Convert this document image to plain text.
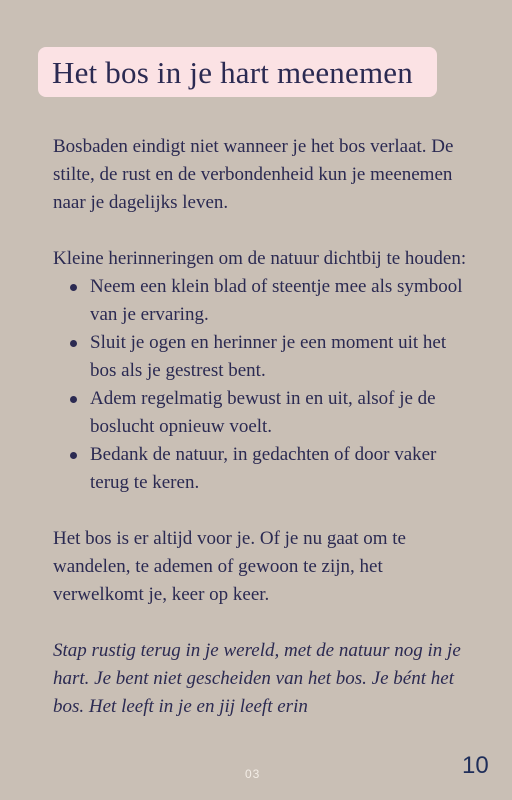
Het bos in je hart meenemen

Bosbaden eindigt niet wanneer je het bos verlaat. De stilte, de rust en de verbondenheid kun je meenemen naar je dagelijks leven.

Kleine herinneringen om de natuur dichtbij te houden:

Neem een klein blad of steentje mee als symbool van je ervaring.
Sluit je ogen en herinner je een moment uit het bos als je gestrest bent.
Adem regelmatig bewust in en uit, alsof je de boslucht opnieuw voelt.
Bedank de natuur, in gedachten of door vaker terug te keren.

Het bos is er altijd voor je. Of je nu gaat om te wandelen, te ademen of gewoon te zijn, het verwelkomt je, keer op keer.

Stap rustig terug in je wereld, met de natuur nog in je hart. Je bent niet gescheiden van het bos. Je bént het bos. Het leeft in je en jij leeft erin

03	10
